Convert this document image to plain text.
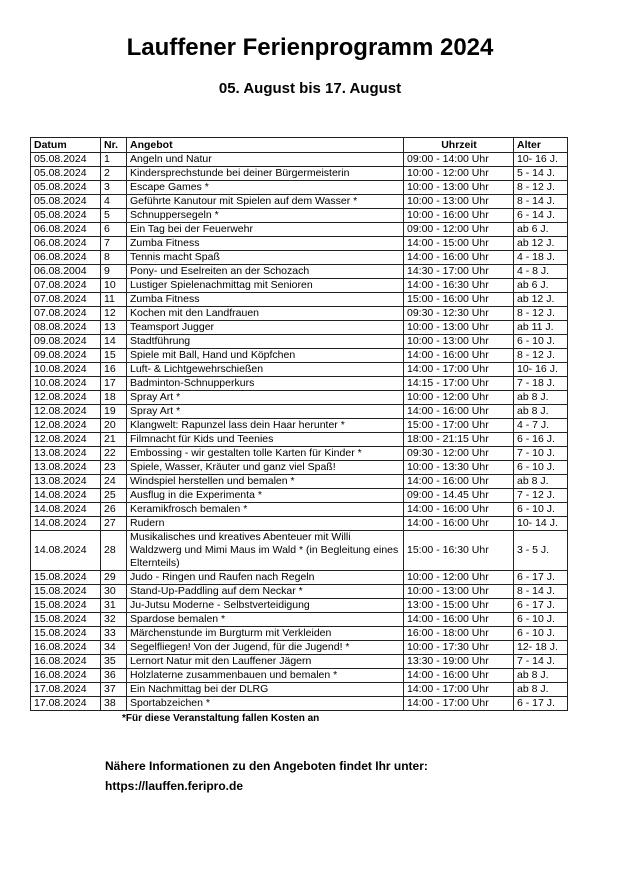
Lauffener Ferienprogramm 2024
05. August bis 17. August
Datum	Nr.	Angebot	Uhrzeit	Alter
05.08.2024	1	Angeln und Natur	09:00 - 14:00 Uhr	10- 16 J.
05.08.2024	2	Kindersprechstunde bei deiner Bürgermeisterin	10:00 - 12:00 Uhr	5 - 14 J.
05.08.2024	3	Escape Games *	10:00 - 13:00 Uhr	8 - 12 J.
05.08.2024	4	Geführte Kanutour mit Spielen auf dem Wasser *	10:00 - 13:00 Uhr	8 - 14 J.
05.08.2024	5	Schnuppersegeln *	10:00 - 16:00 Uhr	6 - 14 J.
06.08.2024	6	Ein Tag bei der Feuerwehr	09:00 - 12:00 Uhr	ab 6 J.
06.08.2024	7	Zumba Fitness	14:00 - 15:00 Uhr	ab 12 J.
06.08.2024	8	Tennis macht Spaß	14:00 - 16:00 Uhr	4 - 18 J.
06.08.2004	9	Pony- und Eselreiten an der Schozach	14:30 - 17:00 Uhr	4 - 8 J.
07.08.2024	10	Lustiger Spielenachmittag mit Senioren	14:00 - 16:30 Uhr	ab 6 J.
07.08.2024	11	Zumba Fitness	15:00 - 16:00 Uhr	ab 12 J.
07.08.2024	12	Kochen mit den Landfrauen	09:30 - 12:30 Uhr	8 - 12 J.
08.08.2024	13	Teamsport Jugger	10:00 - 13:00 Uhr	ab 11 J.
09.08.2024	14	Stadtführung	10:00 - 13:00 Uhr	6 - 10 J.
09.08.2024	15	Spiele mit Ball, Hand und Köpfchen	14:00 - 16:00 Uhr	8 - 12 J.
10.08.2024	16	Luft- & Lichtgewehrschießen	14:00 - 17:00 Uhr	10- 16 J.
10.08.2024	17	Badminton-Schnupperkurs	14:15 - 17:00 Uhr	7 - 18 J.
12.08.2024	18	Spray Art *	10:00 - 12:00 Uhr	ab 8 J.
12.08.2024	19	Spray Art *	14:00 - 16:00 Uhr	ab 8 J.
12.08.2024	20	Klangwelt: Rapunzel lass dein Haar herunter *	15:00 - 17:00 Uhr	4 - 7 J.
12.08.2024	21	Filmnacht für Kids und Teenies	18:00 - 21:15 Uhr	6 - 16 J.
13.08.2024	22	Embossing - wir gestalten tolle Karten für Kinder *	09:30 - 12:00 Uhr	7 - 10 J.
13.08.2024	23	Spiele, Wasser, Kräuter und ganz viel Spaß!	10:00 - 13:30 Uhr	6 - 10 J.
13.08.2024	24	Windspiel herstellen und bemalen *	14:00 - 16:00 Uhr	ab 8 J.
14.08.2024	25	Ausflug in die Experimenta *	09:00 - 14.45 Uhr	7 - 12 J.
14.08.2024	26	Keramikfrosch bemalen *	14:00 - 16:00 Uhr	6 - 10 J.
14.08.2024	27	Rudern	14:00 - 16:00 Uhr	10- 14 J.
14.08.2024	28	Musikalisches und kreatives Abenteuer mit Willi Waldzwerg und Mimi Maus im Wald * (in Begleitung eines Elternteils)	15:00 - 16:30 Uhr	3 - 5 J.
15.08.2024	29	Judo - Ringen und Raufen nach Regeln	10:00 - 12:00 Uhr	6 - 17 J.
15.08.2024	30	Stand-Up-Paddling auf dem Neckar *	10:00 - 13:00 Uhr	8 - 14 J.
15.08.2024	31	Ju-Jutsu Moderne - Selbstverteidigung	13:00 - 15:00 Uhr	6 - 17 J.
15.08.2024	32	Spardose bemalen *	14:00 - 16:00 Uhr	6 - 10 J.
15.08.2024	33	Märchenstunde im Burgturm mit Verkleiden	16:00 - 18:00 Uhr	6 - 10 J.
16.08.2024	34	Segelfliegen! Von der Jugend, für die Jugend! *	10:00 - 17:30 Uhr	12- 18 J.
16.08.2024	35	Lernort Natur mit den Lauffener Jägern	13:30 - 19:00 Uhr	7 - 14 J.
16.08.2024	36	Holzlaterne zusammenbauen und bemalen *	14:00 - 16:00 Uhr	ab 8 J.
17.08.2024	37	Ein Nachmittag bei der DLRG	14:00 - 17:00 Uhr	ab 8 J.
17.08.2024	38	Sportabzeichen *	14:00 - 17:00 Uhr	6 - 17 J.
*Für diese Veranstaltung fallen Kosten an
Nähere Informationen zu den Angeboten findet Ihr unter:
https://lauffen.feripro.de
